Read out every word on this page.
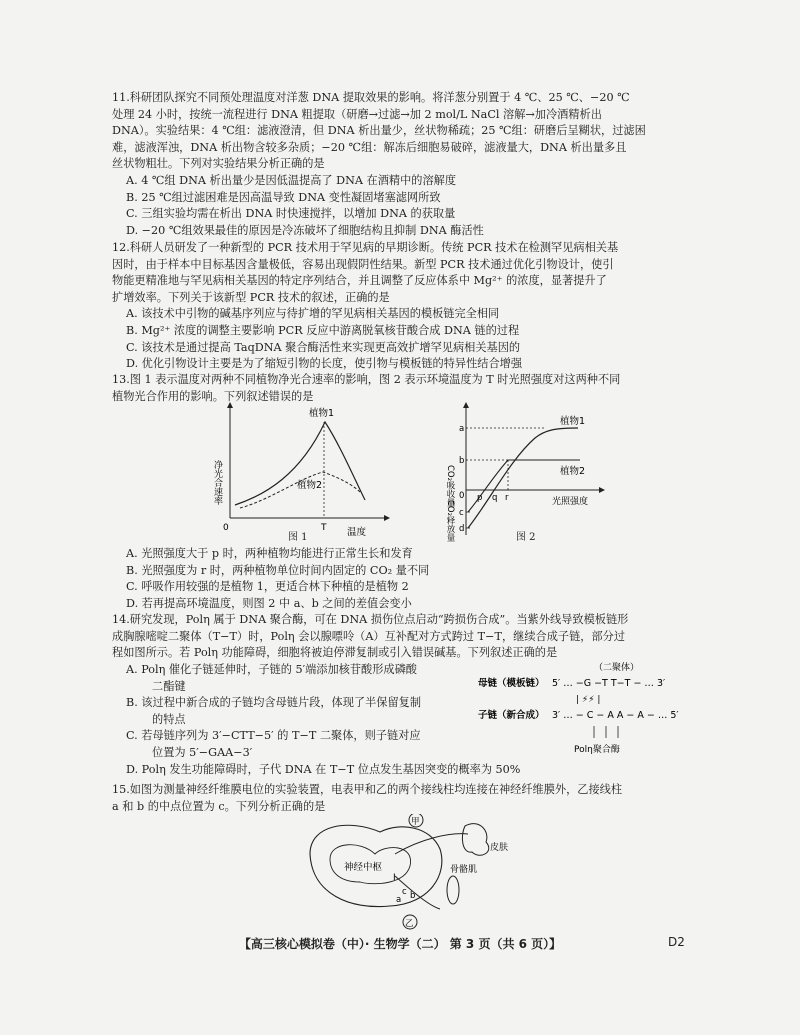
11.科研团队探究不同预处理温度对洋葱 DNA 提取效果的影响。将洋葱分别置于 4 ℃、25 ℃、−20 ℃

处理 24 小时，按统一流程进行 DNA 粗提取（研磨→过滤→加 2 mol/L NaCl 溶解→加冷酒精析出

DNA）。实验结果：4 ℃组：滤液澄清，但 DNA 析出量少，丝状物稀疏；25 ℃组：研磨后呈糊状，过滤困

难，滤液浑浊，DNA 析出物含较多杂质；−20 ℃组：解冻后细胞易破碎，滤液量大，DNA 析出量多且

丝状物粗壮。下列对实验结果分析正确的是

A. 4 ℃组 DNA 析出量少是因低温提高了 DNA 在酒精中的溶解度

B. 25 ℃组过滤困难是因高温导致 DNA 变性凝固堵塞滤网所致

C. 三组实验均需在析出 DNA 时快速搅拌，以增加 DNA 的获取量

D. −20 ℃组效果最佳的原因是冷冻破坏了细胞结构且抑制 DNA 酶活性

12.科研人员研发了一种新型的 PCR 技术用于罕见病的早期诊断。传统 PCR 技术在检测罕见病相关基

因时，由于样本中目标基因含量极低，容易出现假阴性结果。新型 PCR 技术通过优化引物设计，使引

物能更精准地与罕见病相关基因的特定序列结合，并且调整了反应体系中 Mg²⁺ 的浓度，显著提升了

扩增效率。下列关于该新型 PCR 技术的叙述，正确的是

A. 该技术中引物的碱基序列应与待扩增的罕见病相关基因的模板链完全相同

B. Mg²⁺ 浓度的调整主要影响 PCR 反应中游离脱氧核苷酸合成 DNA 链的过程

C. 该技术是通过提高 TaqDNA 聚合酶活性来实现更高效扩增罕见病相关基因的

D. 优化引物设计主要是为了缩短引物的长度，使引物与模板链的特异性结合增强

13.图 1 表示温度对两种不同植物净光合速率的影响，图 2 表示环境温度为 T 时光照强度对这两种不同

植物光合作用的影响。下列叙述错误的是

净光合速率
植物1
植物2
T
0	温度
图 1
CO₂吸收量
CO₂释放量
a
b
c
d
0 p q r
植物1
植物2
光照强度
图 2

A. 光照强度大于 p 时，两种植物均能进行正常生长和发育

B. 光照强度为 r 时，两种植物单位时间内固定的 CO₂ 量不同

C. 呼吸作用较强的是植物 1，更适合林下种植的是植物 2

D. 若再提高环境温度，则图 2 中 a、b 之间的差值会变小

14.研究发现，Polη 属于 DNA 聚合酶，可在 DNA 损伤位点启动“跨损伤合成”。当紫外线导致模板链形

成胸腺嘧啶二聚体（T−T）时，Polη 会以腺嘌呤（A）互补配对方式跨过 T−T，继续合成子链，部分过

程如图所示。若 Polη 功能障碍，细胞将被迫停滞复制或引入错误碱基。下列叙述正确的是

A. Polη 催化子链延伸时，子链的 5′端添加核苷酸形成磷酸

二酯键

B. 该过程中新合成的子链均含母链片段，体现了半保留复制

的特点

C. 若母链序列为 3′−CTT−5′ 的 T−T 二聚体，则子链对应

位置为 5′−GAA−3′

D. Polη 发生功能障碍时，子代 DNA 在 T−T 位点发生基因突变的概率为 50%

（二聚体）
母链（模板链） 5′ … −G −T T−T − … 3′
| ⚡⚡ |
子链（新合成） 3′ … − C − A A − A − … 5′
Polη聚合酶

15.如图为测量神经纤维膜电位的实验装置，电表甲和乙的两个接线柱均连接在神经纤维膜外，乙接线柱

a 和 b 的中点位置为 c。下列分析正确的是

神经中枢
I
甲
皮肤
骨骼肌
乙
a b
c
【高三核心模拟卷（中）· 生物学（二） 第 3 页（共 6 页）】	D2
